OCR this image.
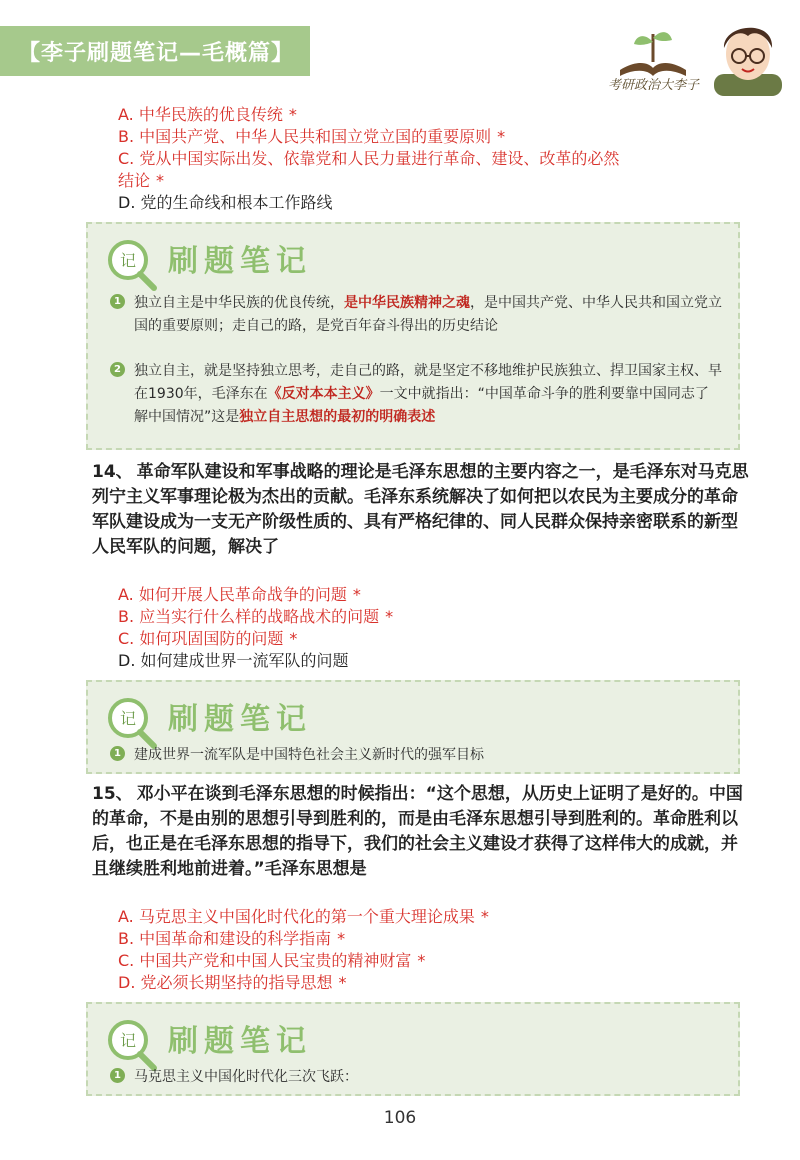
【李子刷题笔记—毛概篇】
考研政治大李子
A. 中华民族的优良传统 *
B. 中国共产党、中华人民共和国立党立国的重要原则 *
C. 党从中国实际出发、依靠党和人民力量进行革命、建设、改革的必然
结论 *
D. 党的生命线和根本工作路线
记 刷题笔记
1 独立自主是中华民族的优良传统，是中华民族精神之魂，是中国共产党、中华人民共和国立党立国的重要原则；走自己的路，是党百年奋斗得出的历史结论
2 独立自主，就是坚持独立思考，走自己的路，就是坚定不移地维护民族独立、捍卫国家主权、早在1930年，毛泽东在《反对本本主义》一文中就指出：“中国革命斗争的胜利要靠中国同志了解中国情况”这是独立自主思想的最初的明确表述
14、 革命军队建设和军事战略的理论是毛泽东思想的主要内容之一，是毛泽东对马克思列宁主义军事理论极为杰出的贡献。毛泽东系统解决了如何把以农民为主要成分的革命军队建设成为一支无产阶级性质的、具有严格纪律的、同人民群众保持亲密联系的新型人民军队的问题，解决了
A. 如何开展人民革命战争的问题 *
B. 应当实行什么样的战略战术的问题 *
C. 如何巩固国防的问题 *
D. 如何建成世界一流军队的问题
记 刷题笔记
1 建成世界一流军队是中国特色社会主义新时代的强军目标
15、 邓小平在谈到毛泽东思想的时候指出：“这个思想，从历史上证明了是好的。中国的革命，不是由别的思想引导到胜利的，而是由毛泽东思想引导到胜利的。革命胜利以后，也正是在毛泽东思想的指导下，我们的社会主义建设才获得了这样伟大的成就，并且继续胜利地前进着。”毛泽东思想是
A. 马克思主义中国化时代化的第一个重大理论成果 *
B. 中国革命和建设的科学指南 *
C. 中国共产党和中国人民宝贵的精神财富 *
D. 党必须长期坚持的指导思想 *
记 刷题笔记
1 马克思主义中国化时代化三次飞跃：
106
